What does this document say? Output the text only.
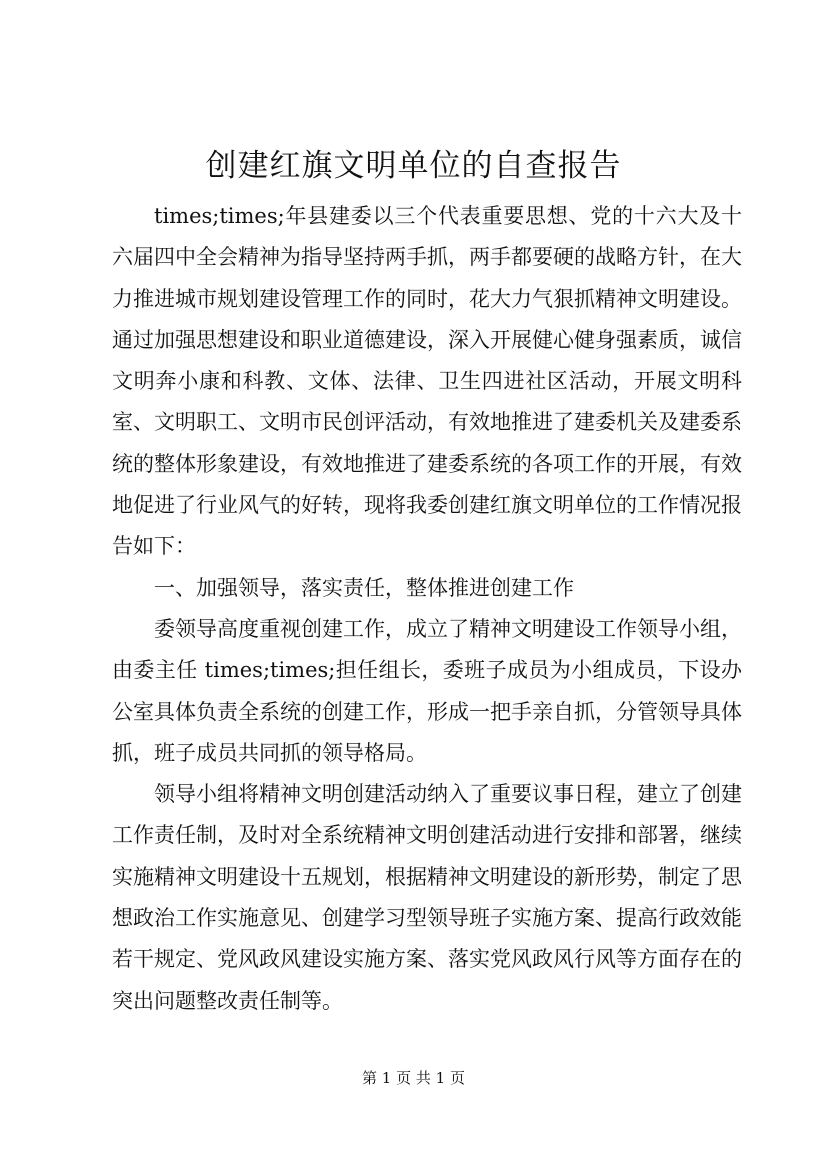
创建红旗文明单位的自查报告

times;times;年县建委以三个代表重要思想、党的十六大及十六届四中全会精神为指导坚持两手抓，两手都要硬的战略方针，在大力推进城市规划建设管理工作的同时，花大力气狠抓精神文明建设。通过加强思想建设和职业道德建设，深入开展健心健身强素质，诚信文明奔小康和科教、文体、法律、卫生四进社区活动，开展文明科室、文明职工、文明市民创评活动，有效地推进了建委机关及建委系统的整体形象建设，有效地推进了建委系统的各项工作的开展，有效地促进了行业风气的好转，现将我委创建红旗文明单位的工作情况报告如下：

一、加强领导，落实责任，整体推进创建工作

委领导高度重视创建工作，成立了精神文明建设工作领导小组，由委主任 times;times;担任组长，委班子成员为小组成员，下设办公室具体负责全系统的创建工作，形成一把手亲自抓，分管领导具体抓，班子成员共同抓的领导格局。

领导小组将精神文明创建活动纳入了重要议事日程，建立了创建工作责任制，及时对全系统精神文明创建活动进行安排和部署，继续实施精神文明建设十五规划，根据精神文明建设的新形势，制定了思想政治工作实施意见、创建学习型领导班子实施方案、提高行政效能若干规定、党风政风建设实施方案、落实党风政风行风等方面存在的突出问题整改责任制等。

第 1 页 共 1 页
